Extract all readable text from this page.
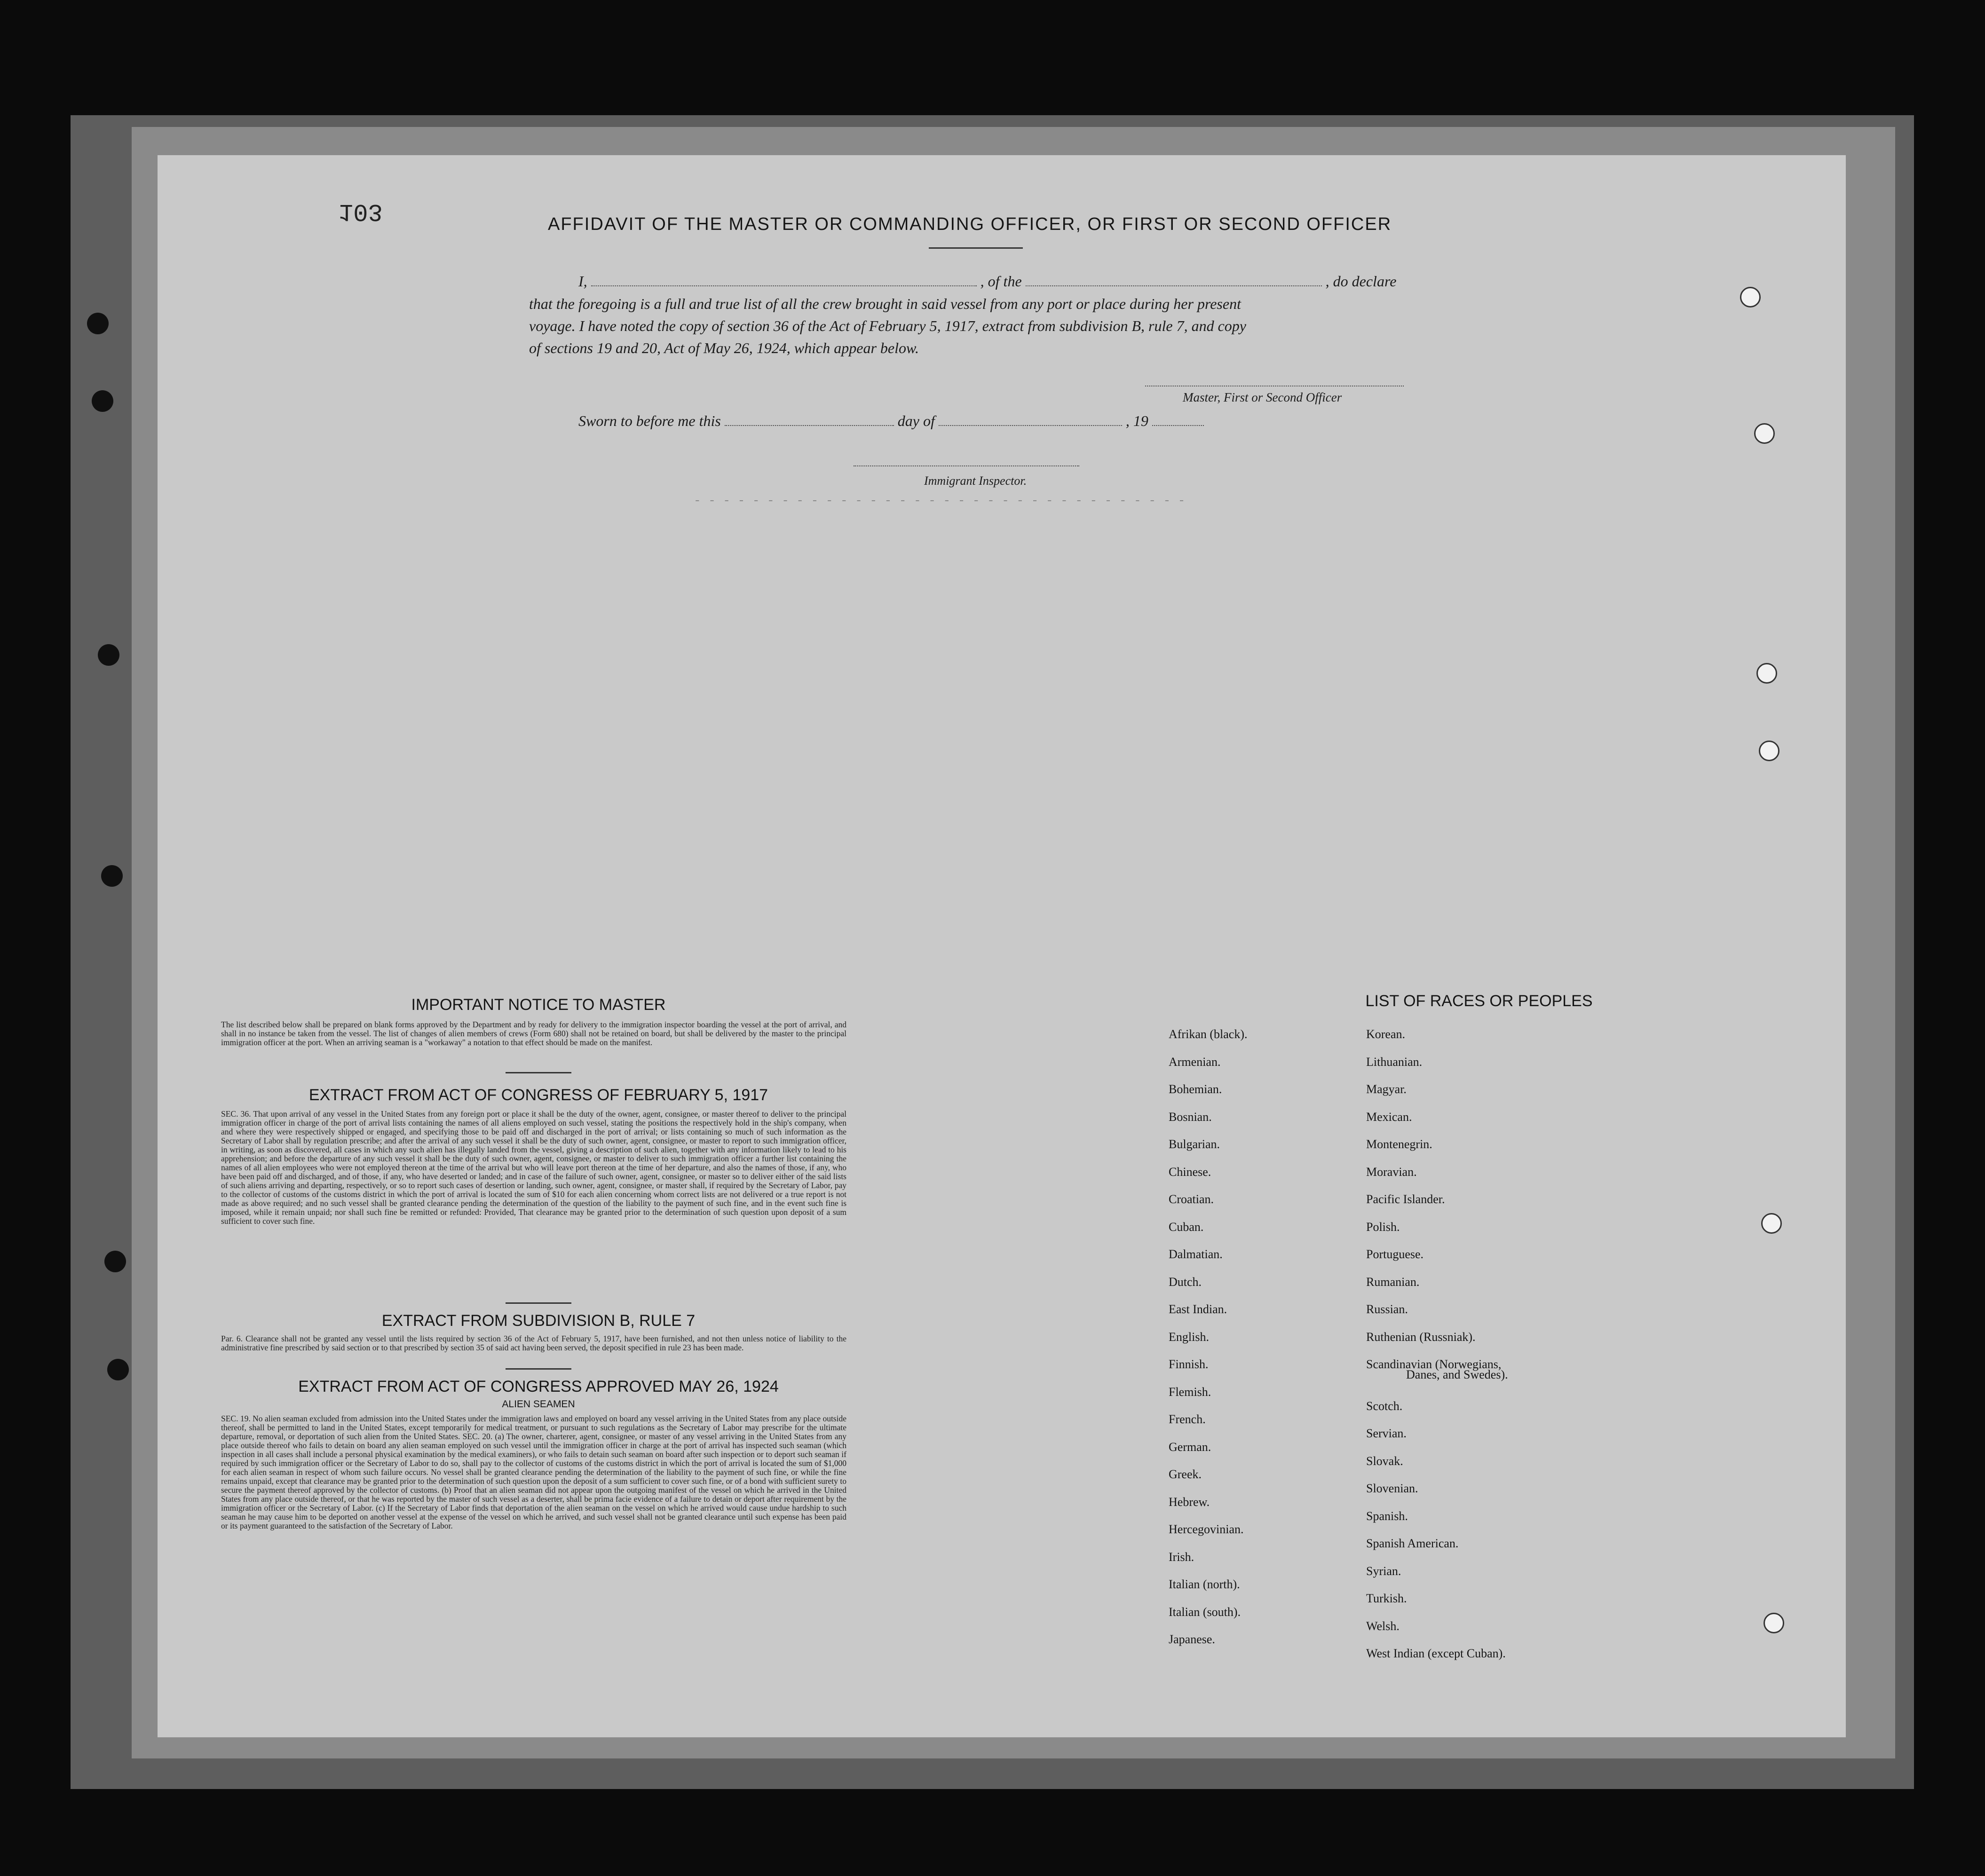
- - - - - - - - - - - - - - - - - - - - - - - - - - - - - - - - - -
103	AFFIDAVIT OF THE MASTER OR COMMANDING OFFICER, OR FIRST OR SECOND OFFICER
I,	, of the	, do declare
that the foregoing is a full and true list of all the crew brought in said vessel from any port or place during her present
voyage. I have noted the copy of section 36 of the Act of February 5, 1917, extract from subdivision B, rule 7, and copy
of sections 19 and 20, Act of May 26, 1924, which appear below.
Master, First or Second Officer
Sworn to before me this	day of	, 19
Immigrant Inspector.
IMPORTANT NOTICE TO MASTER
The list described below shall be prepared on blank forms approved by the Department and by ready for delivery to the immigration inspector boarding the vessel at the port of arrival, and shall in no instance be taken from the vessel. The list of changes of alien members of crews (Form 680) shall not be retained on board, but shall be delivered by the master to the principal immigration officer at the port. When an arriving seaman is a "workaway" a notation to that effect should be made on the manifest.
EXTRACT FROM ACT OF CONGRESS OF FEBRUARY 5, 1917
SEC. 36. That upon arrival of any vessel in the United States from any foreign port or place it shall be the duty of the owner, agent, consignee, or master thereof to deliver to the principal immigration officer in charge of the port of arrival lists containing the names of all aliens employed on such vessel, stating the positions the respectively hold in the ship's company, when and where they were respectively shipped or engaged, and specifying those to be paid off and discharged in the port of arrival; or lists containing so much of such information as the Secretary of Labor shall by regulation prescribe; and after the arrival of any such vessel it shall be the duty of such owner, agent, consignee, or master to report to such immigration officer, in writing, as soon as discovered, all cases in which any such alien has illegally landed from the vessel, giving a description of such alien, together with any information likely to lead to his apprehension; and before the departure of any such vessel it shall be the duty of such owner, agent, consignee, or master to deliver to such immigration officer a further list containing the names of all alien employees who were not employed thereon at the time of the arrival but who will leave port thereon at the time of her departure, and also the names of those, if any, who have been paid off and discharged, and of those, if any, who have deserted or landed; and in case of the failure of such owner, agent, consignee, or master so to deliver either of the said lists of such aliens arriving and departing, respectively, or so to report such cases of desertion or landing, such owner, agent, consignee, or master shall, if required by the Secretary of Labor, pay to the collector of customs of the customs district in which the port of arrival is located the sum of $10 for each alien concerning whom correct lists are not delivered or a true report is not made as above required; and no such vessel shall be granted clearance pending the determination of the question of the liability to the payment of such fine, and in the event such fine is imposed, while it remain unpaid; nor shall such fine be remitted or refunded: Provided, That clearance may be granted prior to the determination of such question upon deposit of a sum sufficient to cover such fine.
EXTRACT FROM SUBDIVISION B, RULE 7
Par. 6. Clearance shall not be granted any vessel until the lists required by section 36 of the Act of February 5, 1917, have been furnished, and not then unless notice of liability to the administrative fine prescribed by said section or to that prescribed by section 35 of said act having been served, the deposit specified in rule 23 has been made.
EXTRACT FROM ACT OF CONGRESS APPROVED MAY 26, 1924
ALIEN SEAMEN
SEC. 19. No alien seaman excluded from admission into the United States under the immigration laws and employed on board any vessel arriving in the United States from any place outside thereof, shall be permitted to land in the United States, except temporarily for medical treatment, or pursuant to such regulations as the Secretary of Labor may prescribe for the ultimate departure, removal, or deportation of such alien from the United States. SEC. 20. (a) The owner, charterer, agent, consignee, or master of any vessel arriving in the United States from any place outside thereof who fails to detain on board any alien seaman employed on such vessel until the immigration officer in charge at the port of arrival has inspected such seaman (which inspection in all cases shall include a personal physical examination by the medical examiners), or who fails to detain such seaman on board after such inspection or to deport such seaman if required by such immigration officer or the Secretary of Labor to do so, shall pay to the collector of customs of the customs district in which the port of arrival is located the sum of $1,000 for each alien seaman in respect of whom such failure occurs. No vessel shall be granted clearance pending the determination of the liability to the payment of such fine, or while the fine remains unpaid, except that clearance may be granted prior to the determination of such question upon the deposit of a sum sufficient to cover such fine, or of a bond with sufficient surety to secure the payment thereof approved by the collector of customs. (b) Proof that an alien seaman did not appear upon the outgoing manifest of the vessel on which he arrived in the United States from any place outside thereof, or that he was reported by the master of such vessel as a deserter, shall be prima facie evidence of a failure to detain or deport after requirement by the immigration officer or the Secretary of Labor. (c) If the Secretary of Labor finds that deportation of the alien seaman on the vessel on which he arrived would cause undue hardship to such seaman he may cause him to be deported on another vessel at the expense of the vessel on which he arrived, and such vessel shall not be granted clearance until such expense has been paid or its payment guaranteed to the satisfaction of the Secretary of Labor.
LIST OF RACES OR PEOPLES
Afrikan (black).
Armenian.
Bohemian.
Bosnian.
Bulgarian.
Chinese.
Croatian.
Cuban.
Dalmatian.
Dutch.
East Indian.
English.
Finnish.
Flemish.
French.
German.
Greek.
Hebrew.
Hercegovinian.
Irish.
Italian (north).
Italian (south).
Japanese.
Korean.
Lithuanian.
Magyar.
Mexican.
Montenegrin.
Moravian.
Pacific Islander.
Polish.
Portuguese.
Rumanian.
Russian.
Ruthenian (Russniak).
Scandinavian (Norwegians,
Scotch.
Servian.
Slovak.
Slovenian.
Spanish.
Spanish American.
Syrian.
Turkish.
Welsh.
West Indian (except Cuban).
Danes, and Swedes).
